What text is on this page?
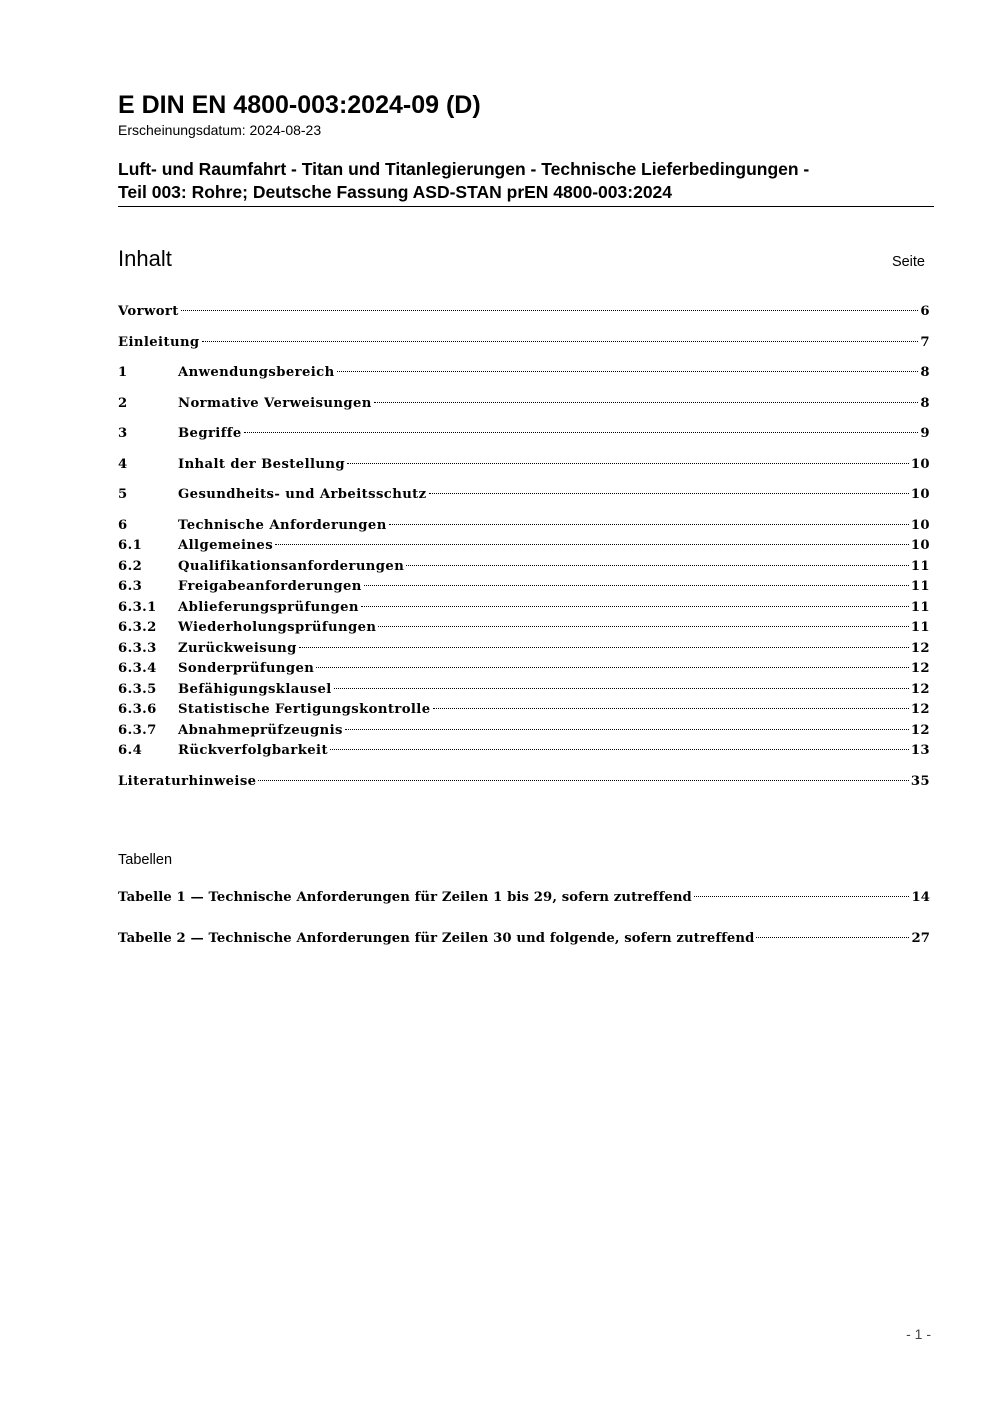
E DIN EN 4800-003:2024-09 (D)
Erscheinungsdatum: 2024-08-23
Luft- und Raumfahrt - Titan und Titanlegierungen - Technische Lieferbedingungen -
Teil 003: Rohre; Deutsche Fassung ASD-STAN prEN 4800-003:2024
Inhalt	Seite
Vorwort	6
Einleitung	7
1	Anwendungsbereich	8
2	Normative Verweisungen	8
3	Begriffe	9
4	Inhalt der Bestellung	10
5	Gesundheits- und Arbeitsschutz	10
6	Technische Anforderungen	10
6.1	Allgemeines	10
6.2	Qualifikationsanforderungen	11
6.3	Freigabeanforderungen	11
6.3.1	Ablieferungsprüfungen	11
6.3.2	Wiederholungsprüfungen	11
6.3.3	Zurückweisung	12
6.3.4	Sonderprüfungen	12
6.3.5	Befähigungsklausel	12
6.3.6	Statistische Fertigungskontrolle	12
6.3.7	Abnahmeprüfzeugnis	12
6.4	Rückverfolgbarkeit	13
Literaturhinweise	35
Tabellen
Tabelle 1 — Technische Anforderungen für Zeilen 1 bis 29, sofern zutreffend	14
Tabelle 2 — Technische Anforderungen für Zeilen 30 und folgende, sofern zutreffend	27
- 1 -
